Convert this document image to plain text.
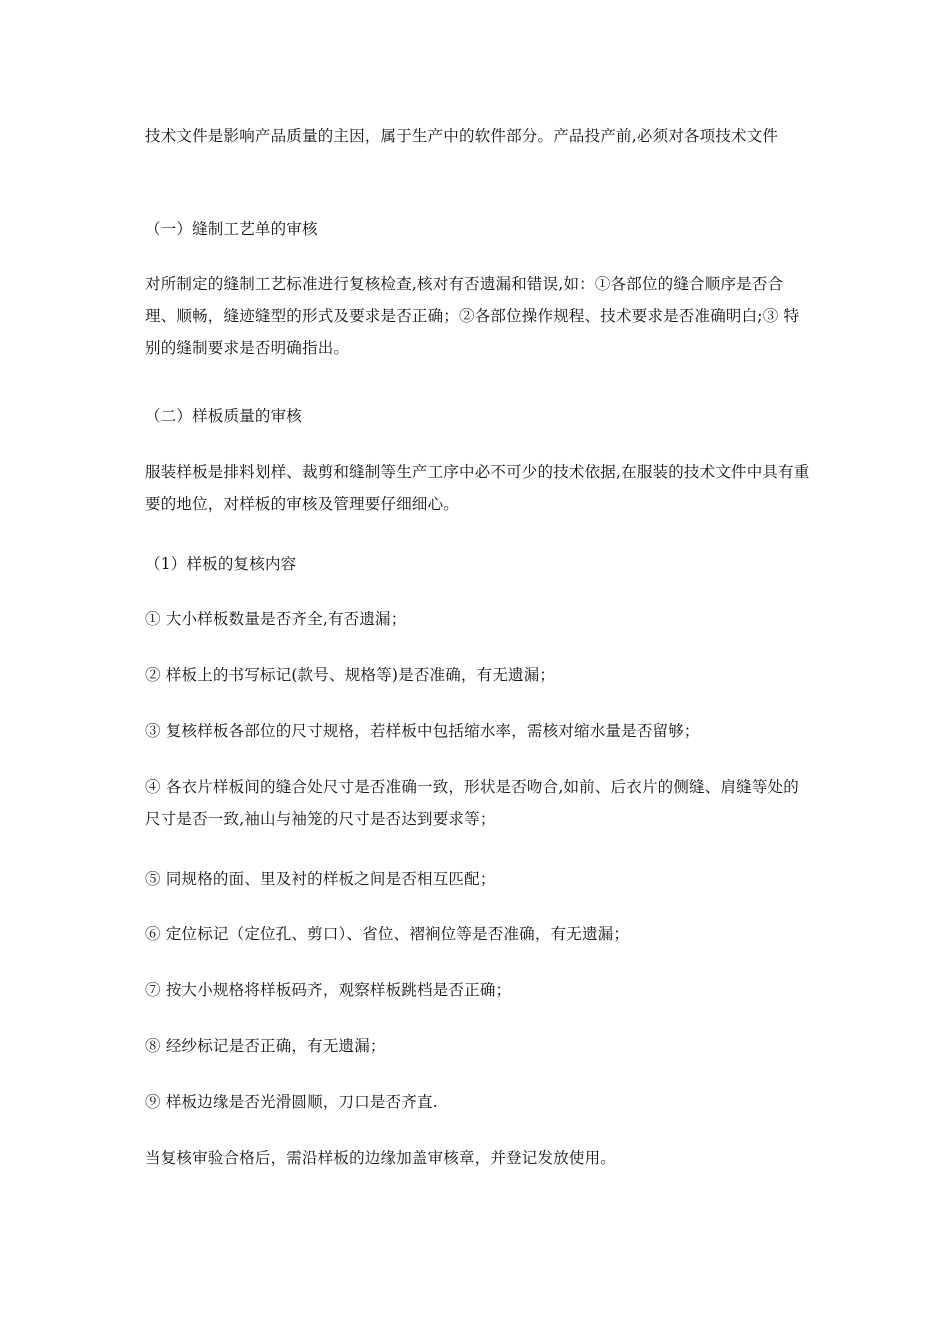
技术文件是影响产品质量的主因，属于生产中的软件部分。产品投产前,必须对各项技术文件
（一）缝制工艺单的审核
对所制定的缝制工艺标准进行复核检查,核对有否遗漏和错误,如：①各部位的缝合顺序是否合理、顺畅，缝迹缝型的形式及要求是否正确；②各部位操作规程、技术要求是否准确明白;③ 特别的缝制要求是否明确指出。
（二）样板质量的审核
服装样板是排料划样、裁剪和缝制等生产工序中必不可少的技术依据,在服装的技术文件中具有重要的地位，对样板的审核及管理要仔细细心。
（1）样板的复核内容
① 大小样板数量是否齐全,有否遗漏；
② 样板上的书写标记(款号、规格等)是否准确，有无遗漏；
③ 复核样板各部位的尺寸规格，若样板中包括缩水率，需核对缩水量是否留够；
④ 各衣片样板间的缝合处尺寸是否准确一致，形状是否吻合,如前、后衣片的侧缝、肩缝等处的尺寸是否一致,袖山与袖笼的尺寸是否达到要求等；
⑤ 同规格的面、里及衬的样板之间是否相互匹配；
⑥ 定位标记（定位孔、剪口）、省位、褶裥位等是否准确，有无遗漏；
⑦ 按大小规格将样板码齐，观察样板跳档是否正确；
⑧ 经纱标记是否正确，有无遗漏；
⑨ 样板边缘是否光滑圆顺，刀口是否齐直.
当复核审验合格后，需沿样板的边缘加盖审核章，并登记发放使用。
